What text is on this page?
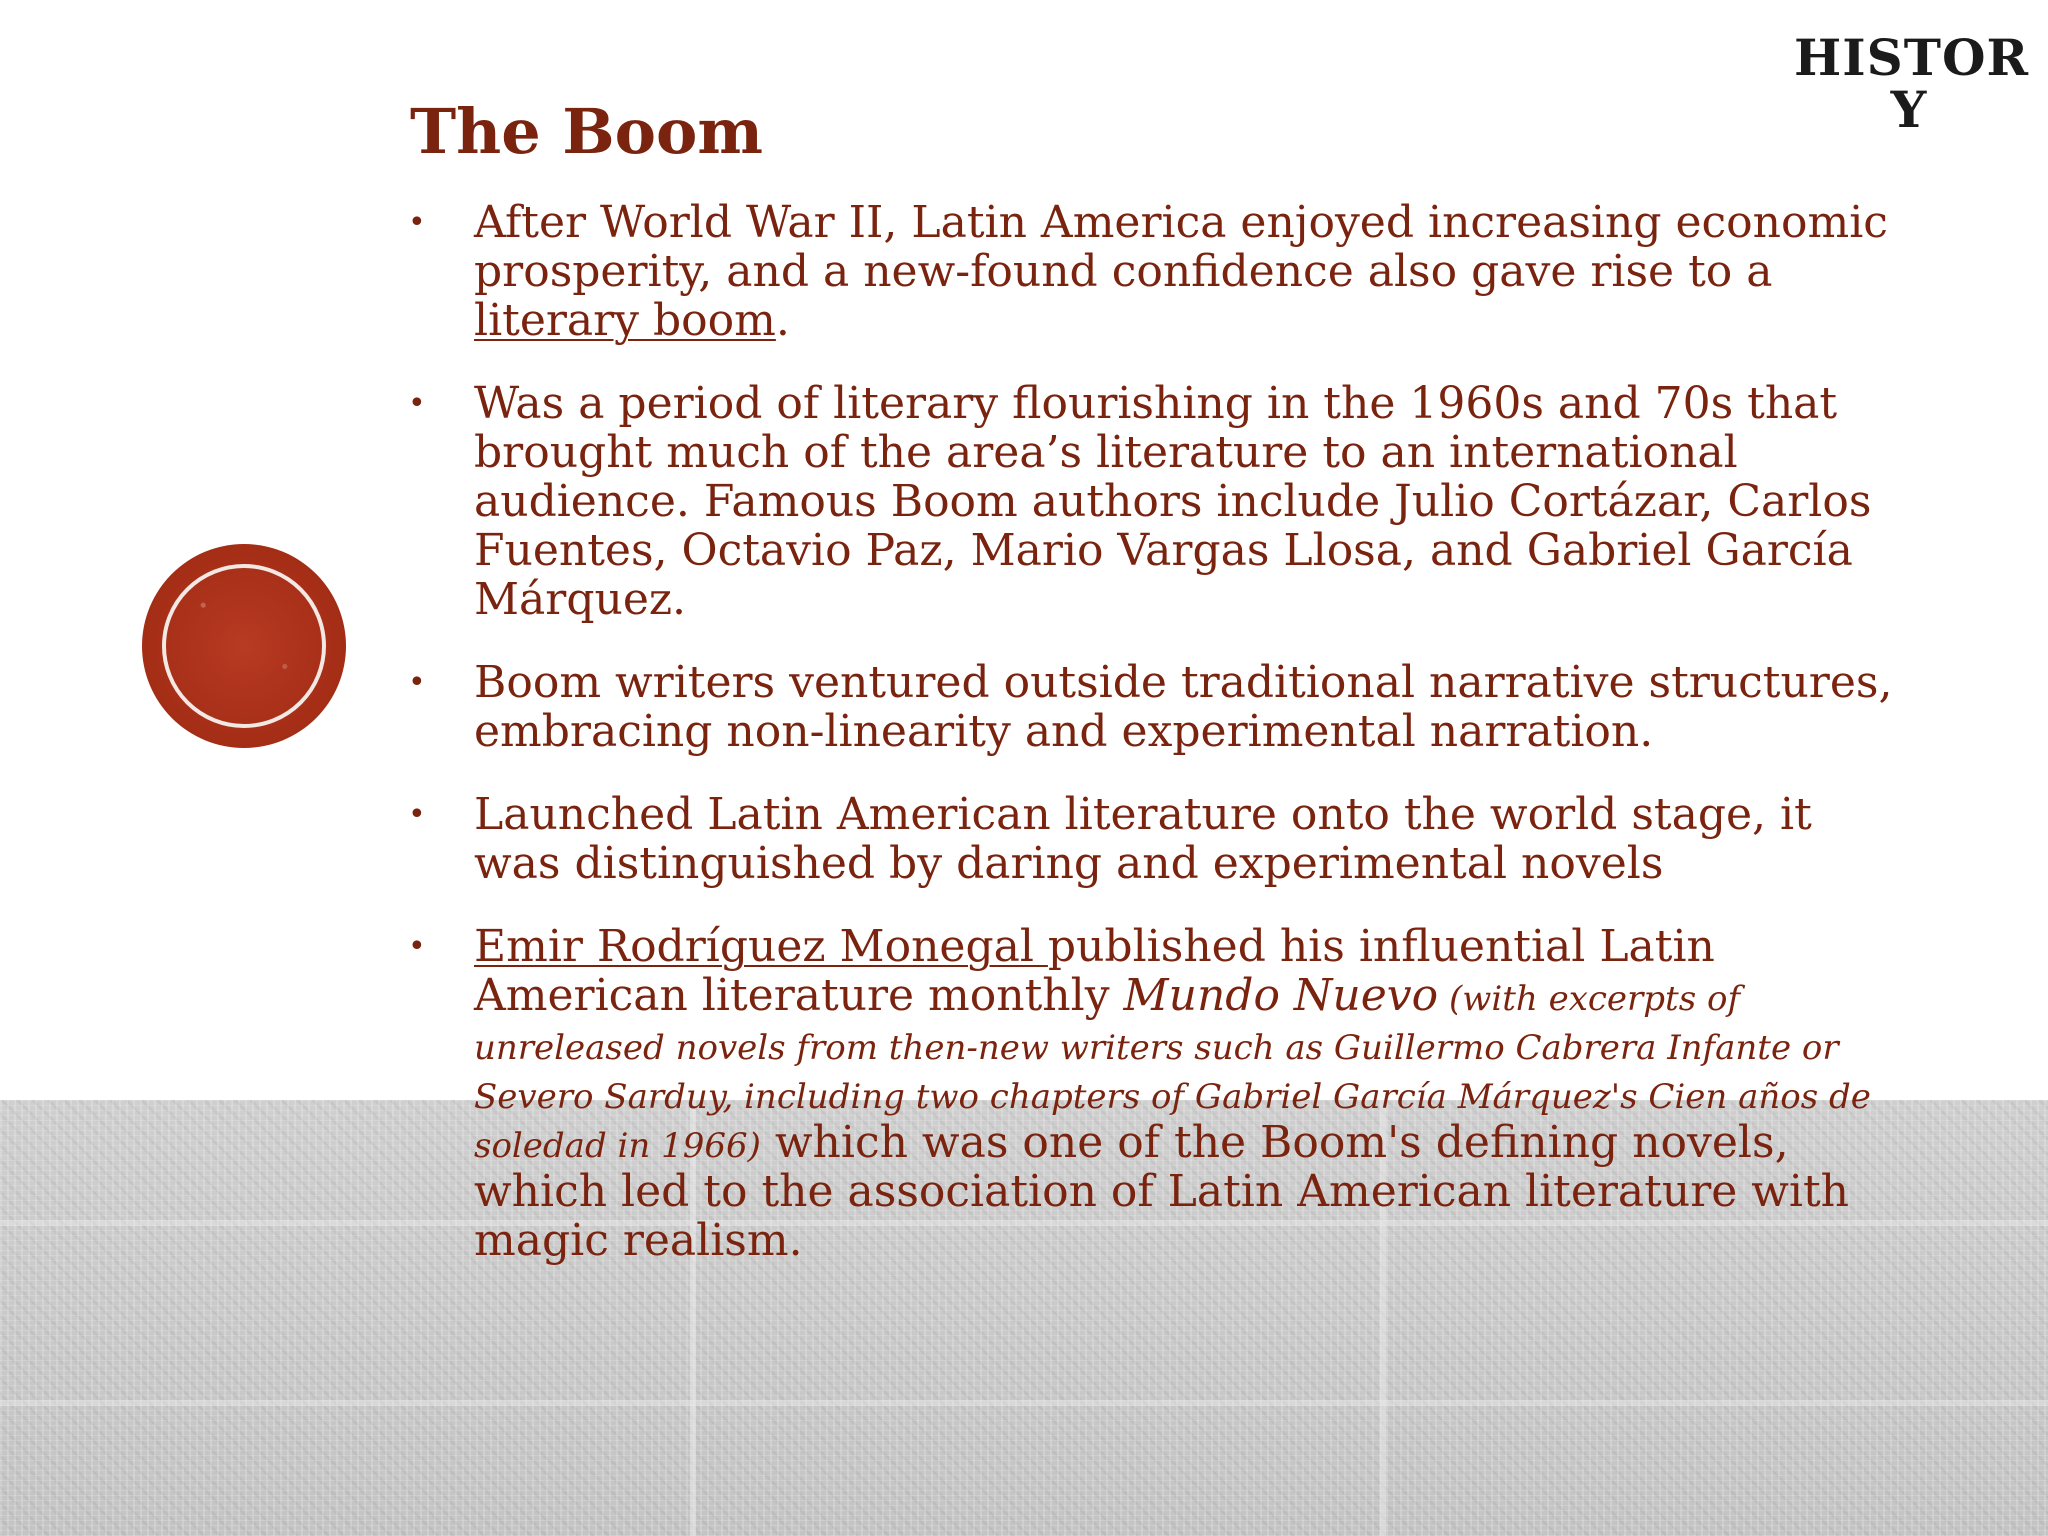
HISTOR
Y
The Boom
• After World War II, Latin America enjoyed increasing economic prosperity, and a new-found confidence also gave rise to a literary boom.
• Was a period of literary flourishing in the 1960s and 70s that brought much of the area’s literature to an international audience. Famous Boom authors include Julio Cortázar, Carlos Fuentes, Octavio Paz, Mario Vargas Llosa, and Gabriel García Márquez.
• Boom writers ventured outside traditional narrative structures, embracing non-linearity and experimental narration.
• Launched Latin American literature onto the world stage, it was distinguished by daring and experimental novels
• Emir Rodríguez Monegal published his influential Latin American literature monthly Mundo Nuevo (with excerpts of unreleased novels from then-new writers such as Guillermo Cabrera Infante or Severo Sarduy, including two chapters of Gabriel García Márquez's Cien años de soledad in 1966) which was one of the Boom's defining novels, which led to the association of Latin American literature with magic realism.
